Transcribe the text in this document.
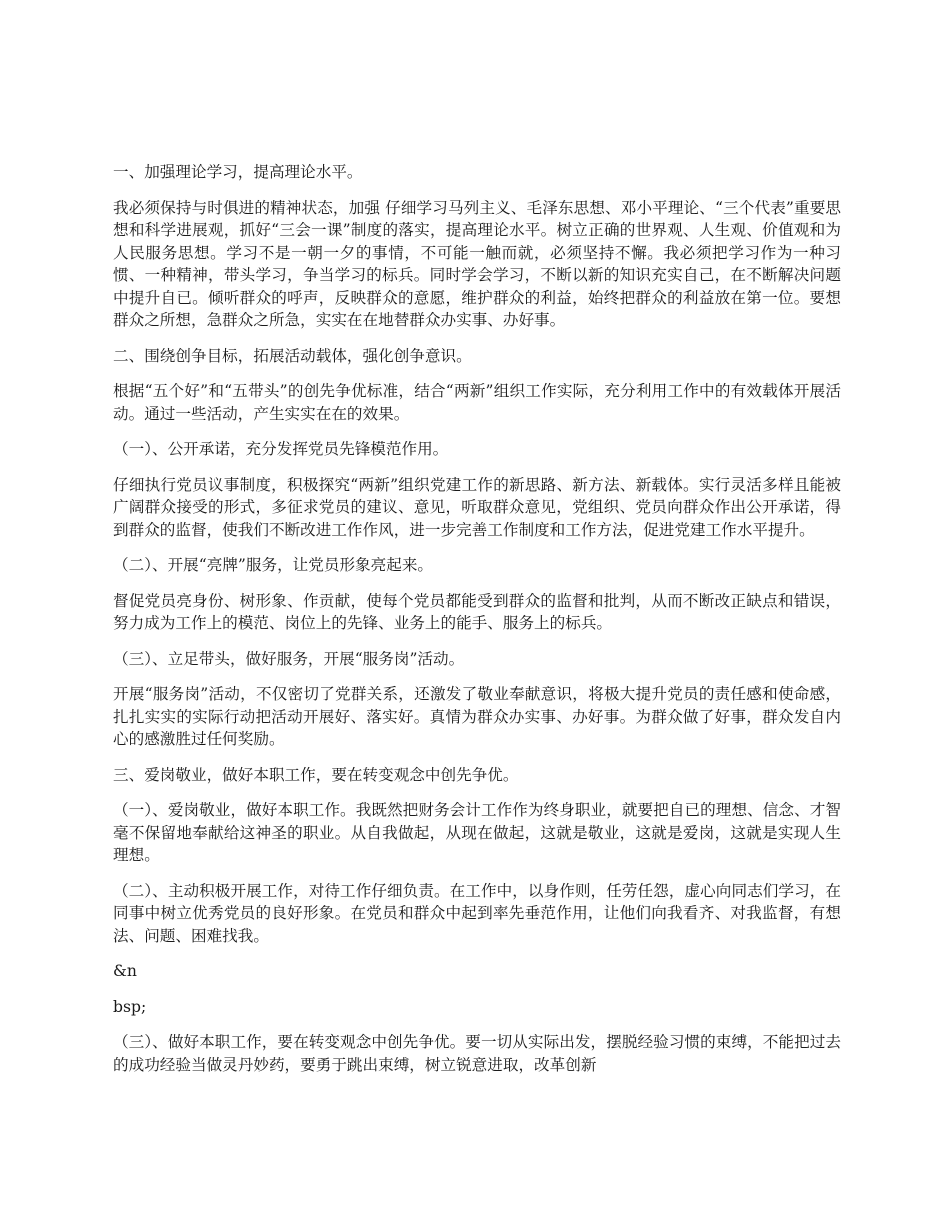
一、加强理论学习，提高理论水平。

我必须保持与时俱进的精神状态，加强 仔细学习马列主义、毛泽东思想、邓小平理论、“三个代表”重要思想和科学进展观，抓好“三会一课”制度的落实，提高理论水平。树立正确的世界观、人生观、价值观和为人民服务思想。学习不是一朝一夕的事情，不可能一触而就，必须坚持不懈。我必须把学习作为一种习惯、一种精神，带头学习，争当学习的标兵。同时学会学习，不断以新的知识充实自己，在不断解决问题中提升自已。倾听群众的呼声，反映群众的意愿，维护群众的利益，始终把群众的利益放在第一位。要想群众之所想，急群众之所急，实实在在地替群众办实事、办好事。

二、围绕创争目标，拓展活动载体，强化创争意识。

根据“五个好”和“五带头”的创先争优标准，结合“两新”组织工作实际，充分利用工作中的有效载体开展活动。通过一些活动，产生实实在在的效果。

（一）、公开承诺，充分发挥党员先锋模范作用。

仔细执行党员议事制度，积极探究“两新”组织党建工作的新思路、新方法、新载体。实行灵活多样且能被广阔群众接受的形式，多征求党员的建议、意见，听取群众意见，党组织、党员向群众作出公开承诺，得到群众的监督，使我们不断改进工作作风，进一步完善工作制度和工作方法，促进党建工作水平提升。

（二）、开展“亮牌”服务，让党员形象亮起来。

督促党员亮身份、树形象、作贡献，使每个党员都能受到群众的监督和批判，从而不断改正缺点和错误，努力成为工作上的模范、岗位上的先锋、业务上的能手、服务上的标兵。

（三）、立足带头，做好服务，开展“服务岗”活动。

开展“服务岗”活动，不仅密切了党群关系，还激发了敬业奉献意识，将极大提升党员的责任感和使命感，扎扎实实的实际行动把活动开展好、落实好。真情为群众办实事、办好事。为群众做了好事，群众发自内心的感激胜过任何奖励。

三、爱岗敬业，做好本职工作，要在转变观念中创先争优。

（一）、爱岗敬业，做好本职工作。我既然把财务会计工作作为终身职业，就要把自已的理想、信念、才智毫不保留地奉献给这神圣的职业。从自我做起，从现在做起，这就是敬业，这就是爱岗，这就是实现人生理想。

（二）、主动积极开展工作，对待工作仔细负责。在工作中，以身作则，任劳任怨，虚心向同志们学习，在同事中树立优秀党员的良好形象。在党员和群众中起到率先垂范作用，让他们向我看齐、对我监督，有想法、问题、困难找我。

&n

bsp;

（三）、做好本职工作，要在转变观念中创先争优。要一切从实际出发，摆脱经验习惯的束缚，不能把过去的成功经验当做灵丹妙药，要勇于跳出束缚，树立锐意进取，改革创新
